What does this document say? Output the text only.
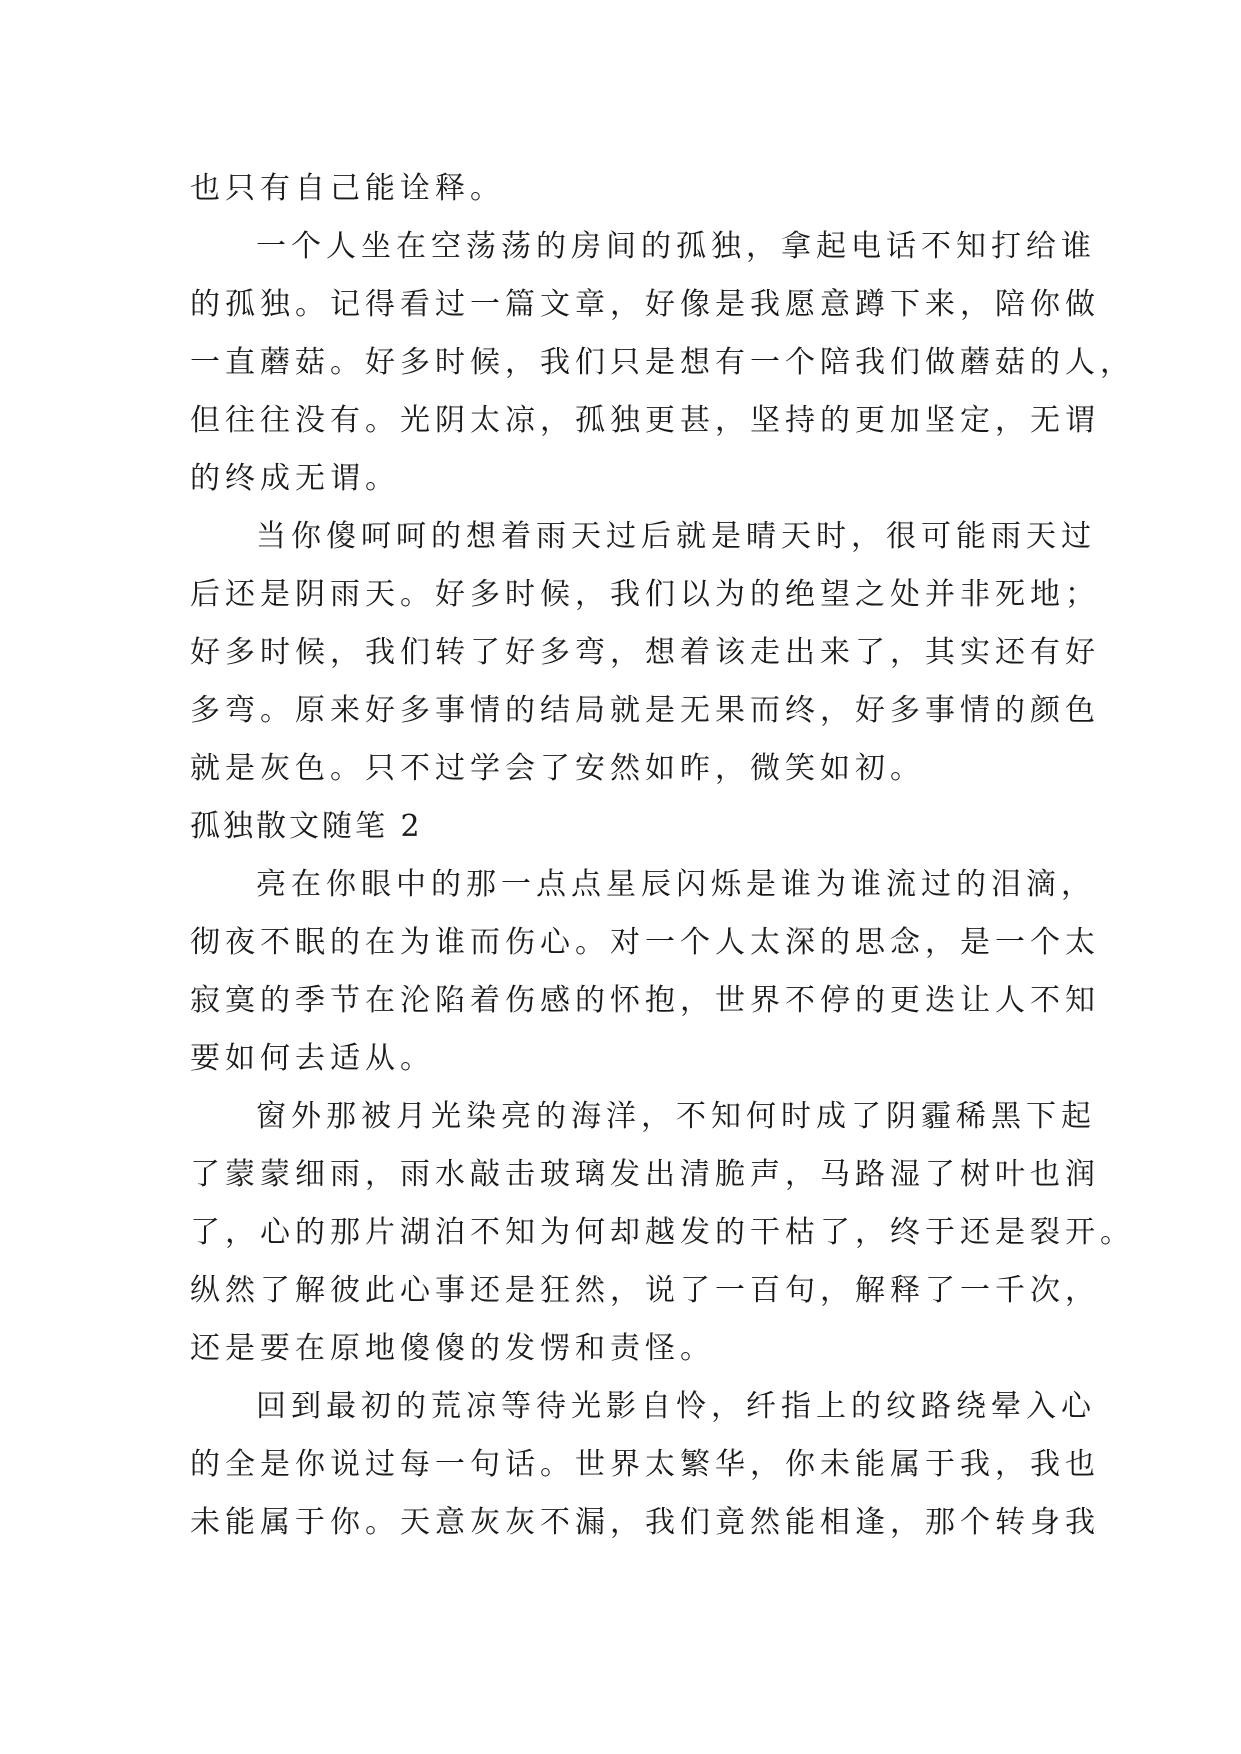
也只有自己能诠释。
一个人坐在空荡荡的房间的孤独，拿起电话不知打给谁
的孤独。记得看过一篇文章，好像是我愿意蹲下来，陪你做
一直蘑菇。好多时候，我们只是想有一个陪我们做蘑菇的人，
但往往没有。光阴太凉，孤独更甚，坚持的更加坚定，无谓
的终成无谓。
当你傻呵呵的想着雨天过后就是晴天时，很可能雨天过
后还是阴雨天。好多时候，我们以为的绝望之处并非死地；
好多时候，我们转了好多弯，想着该走出来了，其实还有好
多弯。原来好多事情的结局就是无果而终，好多事情的颜色
就是灰色。只不过学会了安然如昨，微笑如初。
孤独散文随笔 2
亮在你眼中的那一点点星辰闪烁是谁为谁流过的泪滴，
彻夜不眠的在为谁而伤心。对一个人太深的思念，是一个太
寂寞的季节在沦陷着伤感的怀抱，世界不停的更迭让人不知
要如何去适从。
窗外那被月光染亮的海洋，不知何时成了阴霾稀黑下起
了蒙蒙细雨，雨水敲击玻璃发出清脆声，马路湿了树叶也润
了，心的那片湖泊不知为何却越发的干枯了，终于还是裂开。
纵然了解彼此心事还是狂然，说了一百句，解释了一千次，
还是要在原地傻傻的发愣和责怪。
回到最初的荒凉等待光影自怜，纤指上的纹路绕晕入心
的全是你说过每一句话。世界太繁华，你未能属于我，我也
未能属于你。天意灰灰不漏，我们竟然能相逢，那个转身我
